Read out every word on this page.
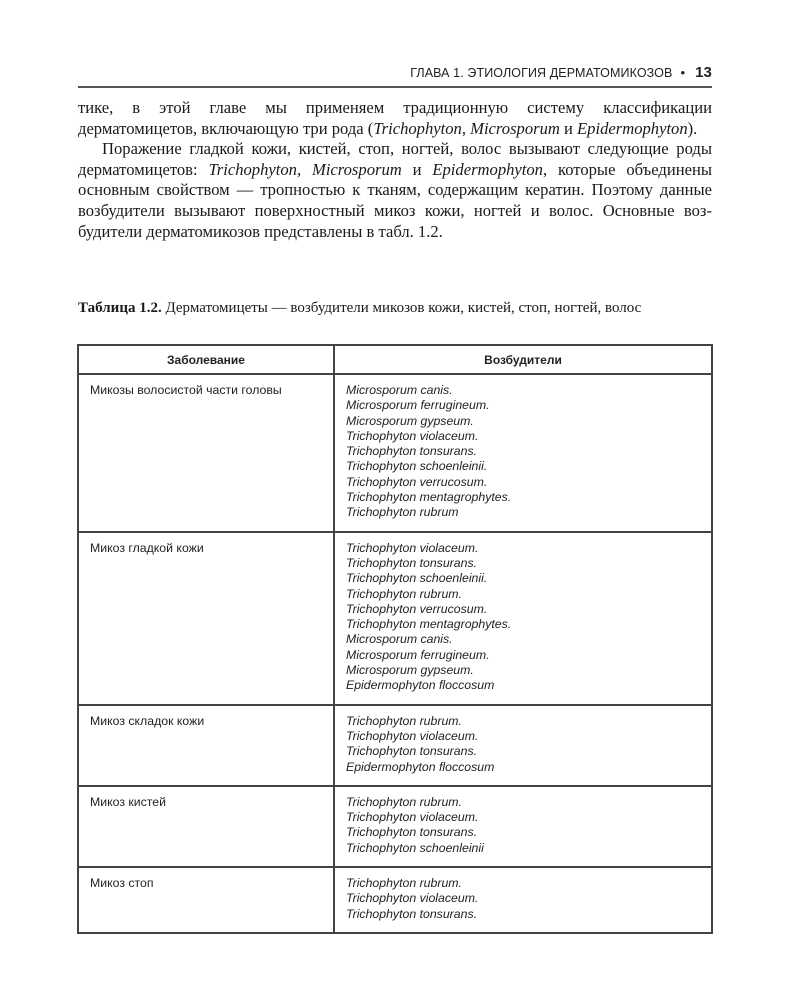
ГЛАВА 1. ЭТИОЛОГИЯ ДЕРМАТОМИКОЗОВ • 13

тике, в этой главе мы применяем традиционную систему классификации дерматомицетов, включающую три рода (Trichophyton, Microsporum и Epidermophyton).

Поражение гладкой кожи, кистей, стоп, ногтей, волос вызывают следующие роды дерматомицетов: Trichophyton, Microsporum и Epidermophyton, которые объединены основным свойством — тропностью к тканям, содержащим кератин. Поэтому данные возбудители вызывают поверхностный микоз кожи, ногтей и волос. Основные возбудители дерматомикозов представлены в табл. 1.2.

Таблица 1.2. Дерматомицеты — возбудители микозов кожи, кистей, стоп, ногтей, волос
Заболевание	Возбудители
Микозы волосистой части головы	Microsporum canis.
Microsporum ferrugineum.
Microsporum gypseum.
Trichophyton violaceum.
Trichophyton tonsurans.
Trichophyton schoenleinii.
Trichophyton verrucosum.
Trichophyton mentagrophytes.
Trichophyton rubrum

Микоз гладкой кожи	Trichophyton violaceum.
Trichophyton tonsurans.
Trichophyton schoenleinii.
Trichophyton rubrum.
Trichophyton verrucosum.
Trichophyton mentagrophytes.
Microsporum canis.
Microsporum ferrugineum.
Microsporum gypseum.
Epidermophyton floccosum

Микоз складок кожи	Trichophyton rubrum.
Trichophyton violaceum.
Trichophyton tonsurans.
Epidermophyton floccosum

Микоз кистей	Trichophyton rubrum.
Trichophyton violaceum.
Trichophyton tonsurans.
Trichophyton schoenleinii

Микоз стоп	Trichophyton rubrum.
Trichophyton violaceum.
Trichophyton tonsurans.
